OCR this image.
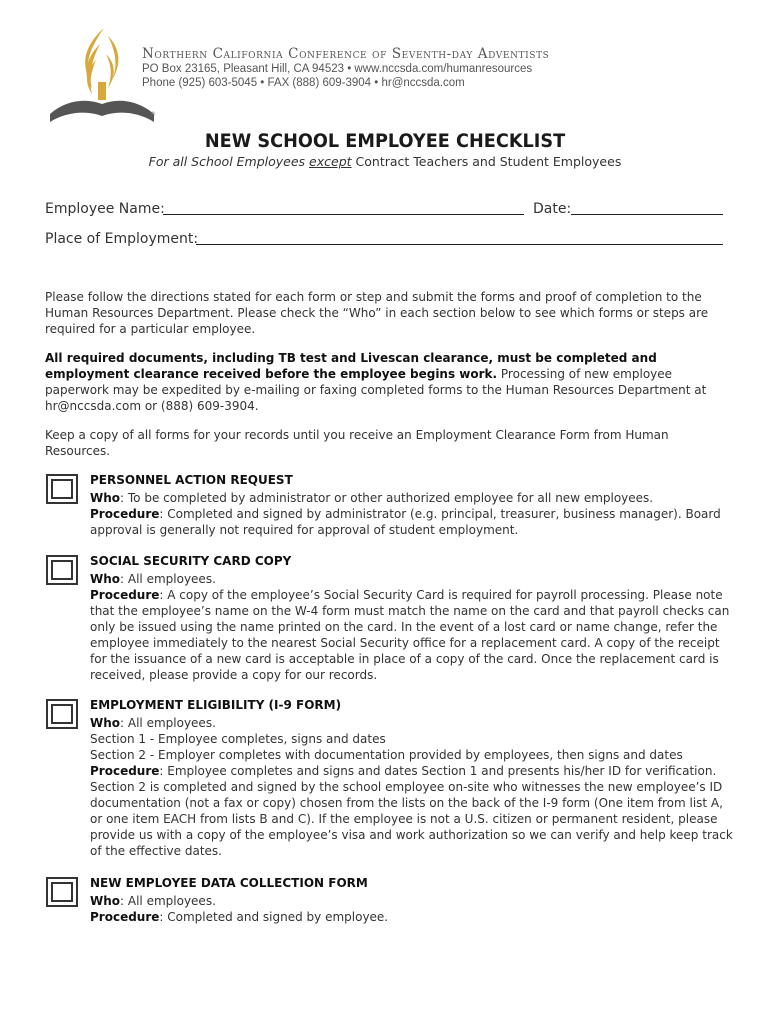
®
Northern California Conference of Seventh-day Adventists
PO Box 23165, Pleasant Hill, CA 94523 • www.nccsda.com/humanresources
Phone (925) 603-5045 • FAX (888) 609-3904 • hr@nccsda.com
NEW SCHOOL EMPLOYEE CHECKLIST
For all School Employees except Contract Teachers and Student Employees
Employee Name:	Date:
Place of Employment:

Please follow the directions stated for each form or step and submit the forms and proof of completion to the Human Resources Department. Please check the “Who” in each section below to see which forms or steps are required for a particular employee.

All required documents, including TB test and Livescan clearance, must be completed and employment clearance received before the employee begins work. Processing of new employee paperwork may be expedited by e-mailing or faxing completed forms to the Human Resources Department at hr@nccsda.com or (888) 609-3904.

Keep a copy of all forms for your records until you receive an Employment Clearance Form from Human Resources.

PERSONNEL ACTION REQUEST

Who: To be completed by administrator or other authorized employee for all new employees.

Procedure: Completed and signed by administrator (e.g. principal, treasurer, business manager). Board approval is generally not required for approval of student employment.

SOCIAL SECURITY CARD COPY

Who: All employees.

Procedure: A copy of the employee’s Social Security Card is required for payroll processing. Please note that the employee’s name on the W-4 form must match the name on the card and that payroll checks can only be issued using the name printed on the card. In the event of a lost card or name change, refer the employee immediately to the nearest Social Security office for a replacement card. A copy of the receipt for the issuance of a new card is acceptable in place of a copy of the card. Once the replacement card is received, please provide a copy for our records.

EMPLOYMENT ELIGIBILITY (I-9 FORM)

Who: All employees.

Section 1 - Employee completes, signs and dates

Section 2 - Employer completes with documentation provided by employees, then signs and dates

Procedure: Employee completes and signs and dates Section 1 and presents his/her ID for verification. Section 2 is completed and signed by the school employee on-site who witnesses the new employee’s ID documentation (not a fax or copy) chosen from the lists on the back of the I-9 form (One item from list A, or one item EACH from lists B and C). If the employee is not a U.S. citizen or permanent resident, please provide us with a copy of the employee’s visa and work authorization so we can verify and help keep track of the effective dates.

NEW EMPLOYEE DATA COLLECTION FORM

Who: All employees.

Procedure: Completed and signed by employee.
